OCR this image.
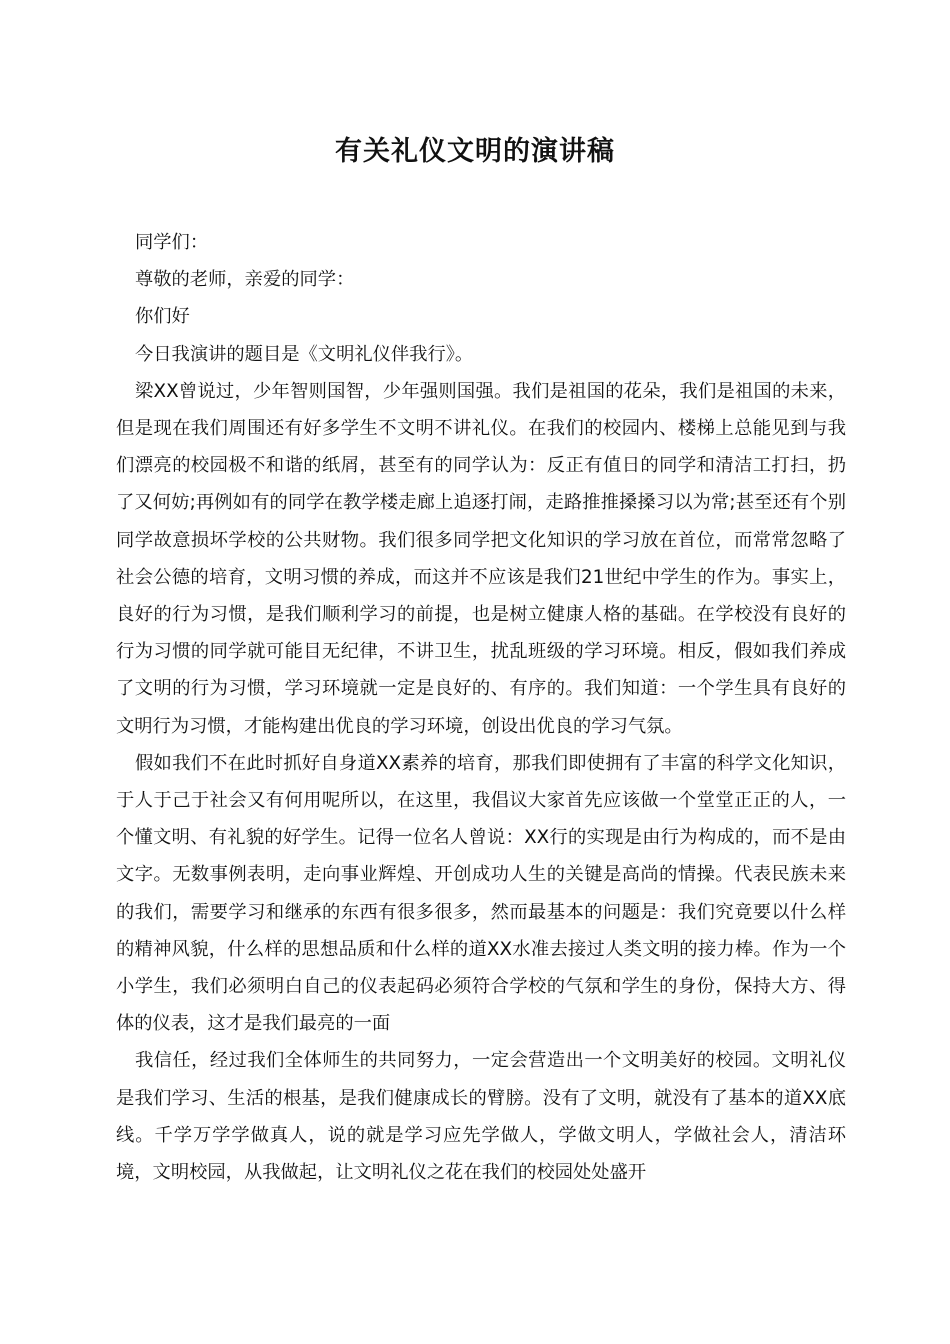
有关礼仪文明的演讲稿

同学们：

尊敬的老师，亲爱的同学：

你们好

今日我演讲的题目是《文明礼仪伴我行》。

梁XX曾说过，少年智则国智，少年强则国强。我们是祖国的花朵，我们是祖国的未来，但是现在我们周围还有好多学生不文明不讲礼仪。在我们的校园内、楼梯上总能见到与我们漂亮的校园极不和谐的纸屑，甚至有的同学认为：反正有值日的同学和清洁工打扫，扔了又何妨;再例如有的同学在教学楼走廊上追逐打闹，走路推推搡搡习以为常;甚至还有个别同学故意损坏学校的公共财物。我们很多同学把文化知识的学习放在首位，而常常忽略了社会公德的培育，文明习惯的养成，而这并不应该是我们21世纪中学生的作为。事实上，良好的行为习惯，是我们顺利学习的前提，也是树立健康人格的基础。在学校没有良好的行为习惯的同学就可能目无纪律，不讲卫生，扰乱班级的学习环境。相反，假如我们养成了文明的行为习惯，学习环境就一定是良好的、有序的。我们知道：一个学生具有良好的文明行为习惯，才能构建出优良的学习环境，创设出优良的学习气氛。

假如我们不在此时抓好自身道XX素养的培育，那我们即使拥有了丰富的科学文化知识，于人于己于社会又有何用呢所以，在这里，我倡议大家首先应该做一个堂堂正正的人，一个懂文明、有礼貌的好学生。记得一位名人曾说：XX行的实现是由行为构成的，而不是由文字。无数事例表明，走向事业辉煌、开创成功人生的关键是高尚的情操。代表民族未来的我们，需要学习和继承的东西有很多很多，然而最基本的问题是：我们究竟要以什么样的精神风貌，什么样的思想品质和什么样的道XX水准去接过人类文明的接力棒。作为一个小学生，我们必须明白自己的仪表起码必须符合学校的气氛和学生的身份，保持大方、得体的仪表，这才是我们最亮的一面

我信任，经过我们全体师生的共同努力，一定会营造出一个文明美好的校园。文明礼仪是我们学习、生活的根基，是我们健康成长的臂膀。没有了文明，就没有了基本的道XX底线。千学万学学做真人，说的就是学习应先学做人，学做文明人，学做社会人，清洁环境，文明校园，从我做起，让文明礼仪之花在我们的校园处处盛开
